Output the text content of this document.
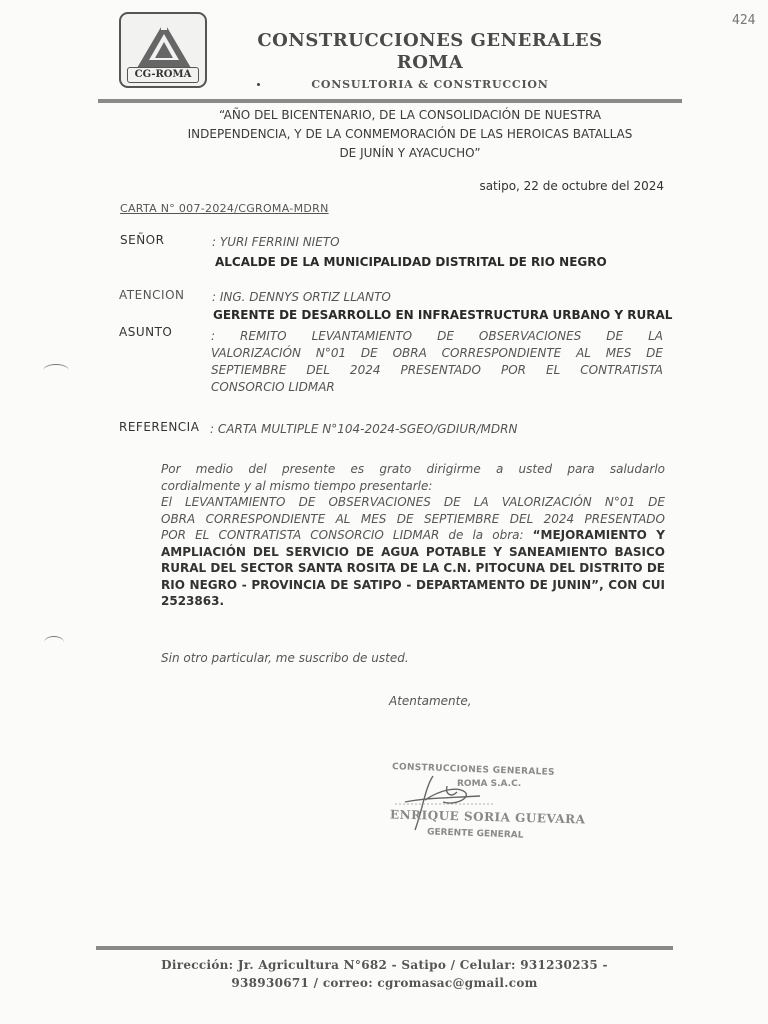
CG-ROMA
CONSTRUCCIONES GENERALES
ROMA
CONSULTORIA & CONSTRUCCION
424
“AÑO DEL BICENTENARIO, DE LA CONSOLIDACIÓN DE NUESTRA
INDEPENDENCIA, Y DE LA CONMEMORACIÓN DE LAS HEROICAS BATALLAS
DE JUNÍN Y AYACUCHO”
satipo, 22 de octubre del 2024
CARTA N° 007-2024/CGROMA-MDRN
SEÑOR	: YURI FERRINI NIETO
ALCALDE DE LA MUNICIPALIDAD DISTRITAL DE RIO NEGRO
ATENCION : ING. DENNYS ORTIZ LLANTO
GERENTE DE DESARROLLO EN INFRAESTRUCTURA URBANO Y RURAL
ASUNTO	: REMITO LEVANTAMIENTO DE OBSERVACIONES DE LA
VALORIZACIÓN N°01 DE OBRA CORRESPONDIENTE AL MES DE
SEPTIEMBRE DEL 2024 PRESENTADO POR EL CONTRATISTA
CONSORCIO LIDMAR
REFERENCIA : CARTA MULTIPLE N°104-2024-SGEO/GDIUR/MDRN
Por medio del presente es grato dirigirme a usted para saludarlo
cordialmente y al mismo tiempo presentarle:
El LEVANTAMIENTO DE OBSERVACIONES DE LA VALORIZACIÓN N°01 DE
OBRA CORRESPONDIENTE AL MES DE SEPTIEMBRE DEL 2024 PRESENTADO
POR EL CONTRATISTA CONSORCIO LIDMAR de la obra: “MEJORAMIENTO Y
AMPLIACIÓN DEL SERVICIO DE AGUA POTABLE Y SANEAMIENTO BASICO
RURAL DEL SECTOR SANTA ROSITA DE LA C.N. PITOCUNA DEL DISTRITO DE
RIO NEGRO - PROVINCIA DE SATIPO - DEPARTAMENTO DE JUNIN”, CON CUI
2523863.
Sin otro particular, me suscribo de usted.
Atentamente,
CONSTRUCCIONES GENERALES
ROMA S.A.C.
ENRIQUE SORIA GUEVARA
GERENTE GENERAL
Dirección: Jr. Agricultura N°682 - Satipo / Celular: 931230235 -
938930671 / correo: cgromasac@gmail.com
